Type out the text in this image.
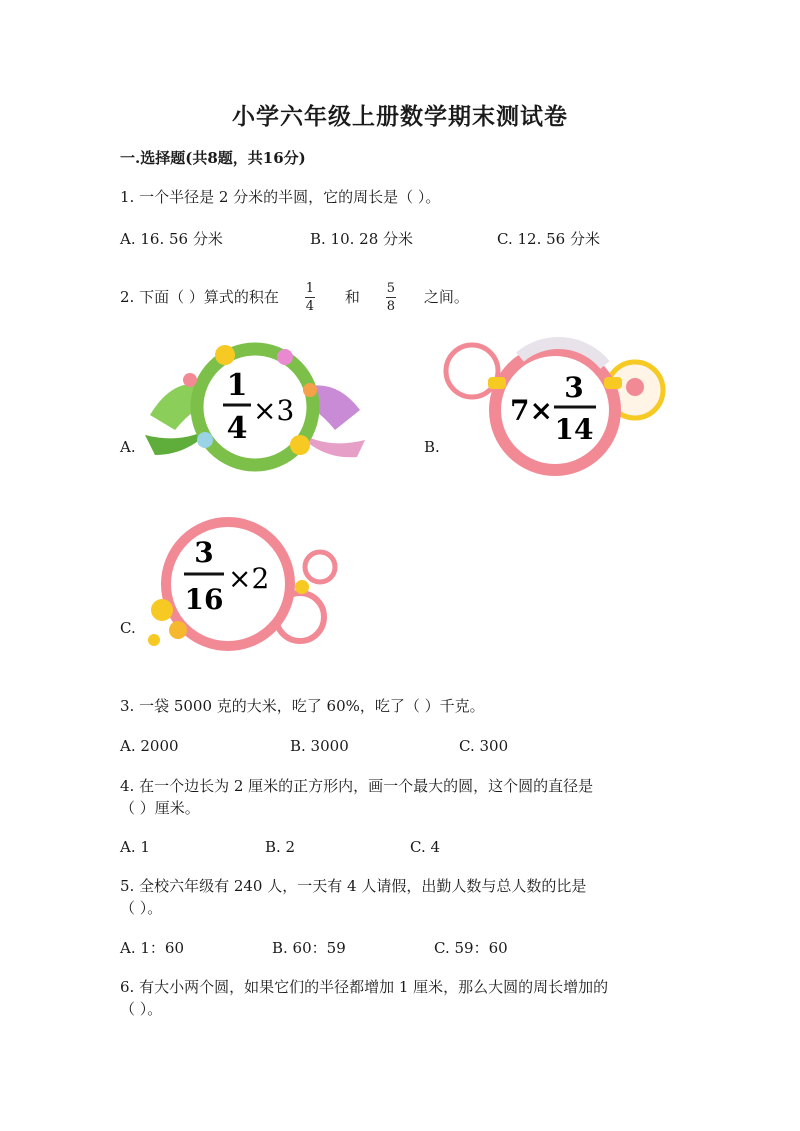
小学六年级上册数学期末测试卷
一.选择题(共8题，共16分)
1. 一个半径是 2 分米的半圆，它的周长是（ ）。
A. 16. 56 分米	B. 10. 28 分米	C. 12. 56 分米
2. 下面（ ）算式的积在 $\frac{1}{4}$ 和 $\frac{5}{8}$ 之间。
A.
1
4
×3
B.
7×
3
14
C.
3
16
×2
3. 一袋 5000 克的大米，吃了 60%，吃了（ ）千克。
A. 2000	B. 3000	C. 300
4. 在一个边长为 2 厘米的正方形内，画一个最大的圆，这个圆的直径是
（ ）厘米。
A. 1	B. 2	C. 4
5. 全校六年级有 240 人，一天有 4 人请假，出勤人数与总人数的比是
（ ）。
A. 1：60	B. 60：59	C. 59：60
6. 有大小两个圆，如果它们的半径都增加 1 厘米，那么大圆的周长增加的
（ ）。
